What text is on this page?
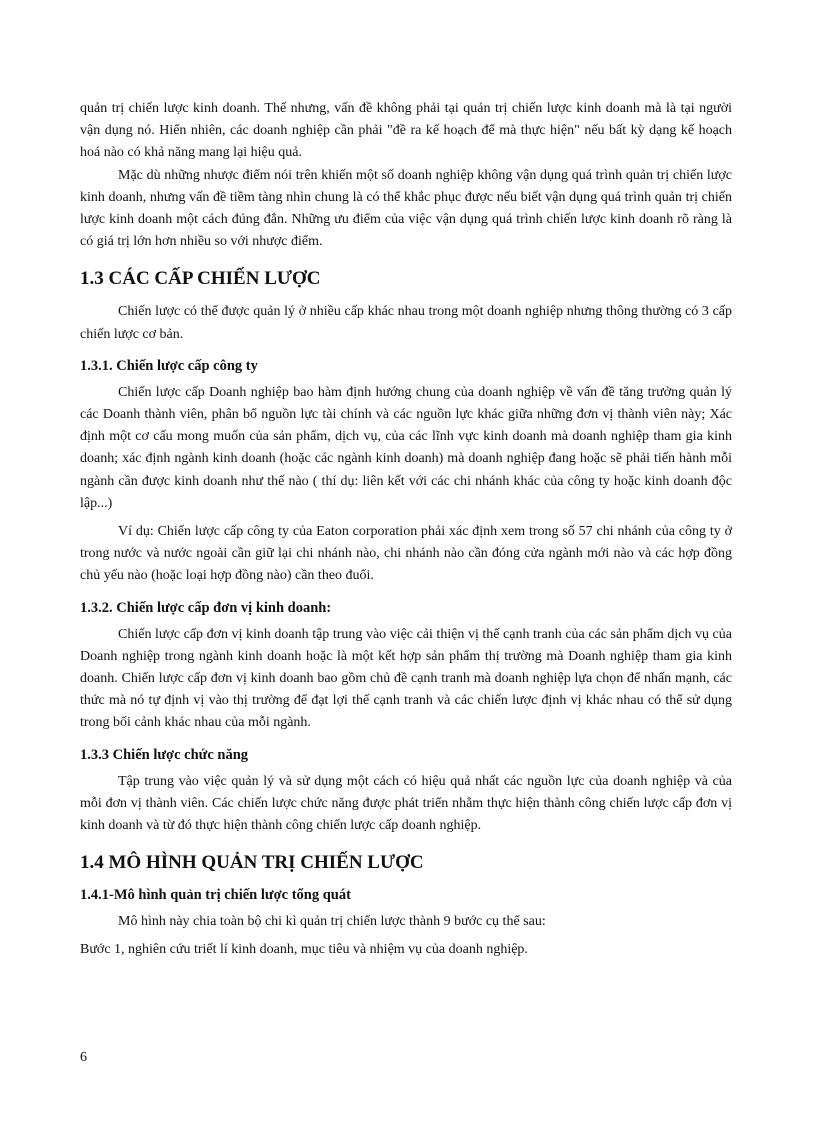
quản trị chiến lược kinh doanh. Thế nhưng, vấn đề không phải tại quản trị chiến lược kinh doanh mà là tại người vận dụng nó. Hiển nhiên, các doanh nghiệp cần phải "đề ra kế hoạch để mà thực hiện" nếu bất kỳ dạng kế hoạch hoá nào có khả năng mang lại hiệu quả.

Mặc dù những nhược điểm nói trên khiến một số doanh nghiệp không vận dụng quá trình quản trị chiến lược kinh doanh, nhưng vấn đề tiềm tàng nhìn chung là có thể khắc phục được nếu biết vận dụng quá trình quản trị chiến lược kinh doanh một cách đúng đắn. Những ưu điểm của việc vận dụng quá trình chiến lược kinh doanh rõ ràng là có giá trị lớn hơn nhiều so với nhược điểm.

1.3 CÁC CẤP CHIẾN LƯỢC

Chiến lược có thể được quản lý ở nhiều cấp khác nhau trong một doanh nghiệp nhưng thông thường có 3 cấp chiến lược cơ bản.

1.3.1. Chiến lược cấp công ty

Chiến lược cấp Doanh nghiệp bao hàm định hướng chung của doanh nghiệp về vấn đề tăng trưởng quản lý các Doanh thành viên, phân bổ nguồn lực tài chính và các nguồn lực khác giữa những đơn vị thành viên này; Xác định một cơ cấu mong muốn của sản phẩm, dịch vụ, của các lĩnh vực kinh doanh mà doanh nghiệp tham gia kinh doanh; xác định ngành kinh doanh (hoặc các ngành kinh doanh) mà doanh nghiệp đang hoặc sẽ phải tiến hành mỗi ngành cần được kinh doanh như thế nào ( thí dụ: liên kết với các chi nhánh khác của công ty hoặc kinh doanh độc lập...)

Ví dụ: Chiến lược cấp công ty của Eaton corporation phải xác định xem trong số 57 chi nhánh của công ty ở trong nước và nước ngoài cần giữ lại chi nhánh nào, chi nhánh nào cần đóng cửa ngành mới nào và các hợp đồng chủ yếu nào (hoặc loại hợp đồng nào) cần theo đuổi.

1.3.2. Chiến lược cấp đơn vị kinh doanh:

Chiến lược cấp đơn vị kinh doanh tập trung vào việc cải thiện vị thế cạnh tranh của các sản phẩm dịch vụ của Doanh nghiệp trong ngành kinh doanh hoặc là một kết hợp sản phẩm thị trường mà Doanh nghiệp tham gia kinh doanh. Chiến lược cấp đơn vị kinh doanh bao gồm chủ đề cạnh tranh mà doanh nghiệp lựa chọn để nhấn mạnh, các thức mà nó tự định vị vào thị trường để đạt lợi thế cạnh tranh và các chiến lược định vị khác nhau có thể sử dụng trong bối cảnh khác nhau của mỗi ngành.

1.3.3 Chiến lược chức năng

Tập trung vào việc quản lý và sử dụng một cách có hiệu quả nhất các nguồn lực của doanh nghiệp và của mỗi đơn vị thành viên. Các chiến lược chức năng được phát triển nhằm thực hiện thành công chiến lược cấp đơn vị kinh doanh và từ đó thực hiện thành công chiến lược cấp doanh nghiệp.

1.4 MÔ HÌNH QUẢN TRỊ CHIẾN LƯỢC
1.4.1-Mô hình quản trị chiến lược tổng quát

Mô hình này chia toàn bộ chi kì quản trị chiến lược thành 9 bước cụ thể sau:

Bước 1, nghiên cứu triết lí kinh doanh, mục tiêu và nhiệm vụ của doanh nghiệp.

6
